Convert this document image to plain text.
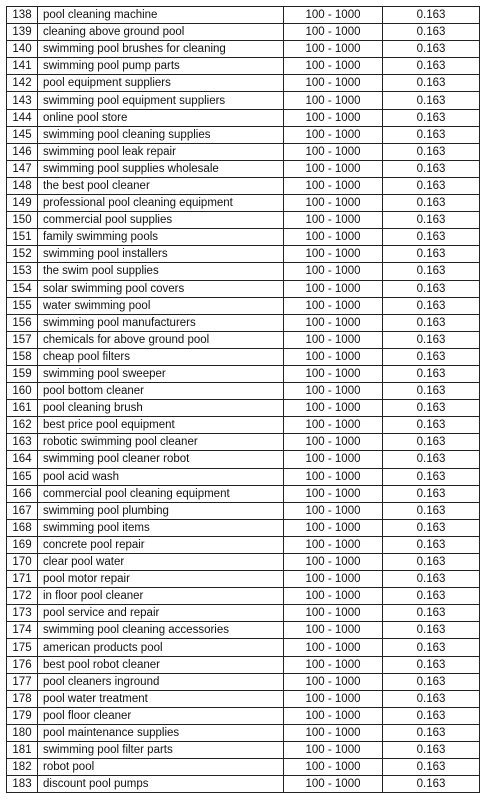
138	pool cleaning machine	100 - 1000	0.163
139	cleaning above ground pool	100 - 1000	0.163
140	swimming pool brushes for cleaning	100 - 1000	0.163
141	swimming pool pump parts	100 - 1000	0.163
142	pool equipment suppliers	100 - 1000	0.163
143	swimming pool equipment suppliers	100 - 1000	0.163
144	online pool store	100 - 1000	0.163
145	swimming pool cleaning supplies	100 - 1000	0.163
146	swimming pool leak repair	100 - 1000	0.163
147	swimming pool supplies wholesale	100 - 1000	0.163
148	the best pool cleaner	100 - 1000	0.163
149	professional pool cleaning equipment	100 - 1000	0.163
150	commercial pool supplies	100 - 1000	0.163
151	family swimming pools	100 - 1000	0.163
152	swimming pool installers	100 - 1000	0.163
153	the swim pool supplies	100 - 1000	0.163
154	solar swimming pool covers	100 - 1000	0.163
155	water swimming pool	100 - 1000	0.163
156	swimming pool manufacturers	100 - 1000	0.163
157	chemicals for above ground pool	100 - 1000	0.163
158	cheap pool filters	100 - 1000	0.163
159	swimming pool sweeper	100 - 1000	0.163
160	pool bottom cleaner	100 - 1000	0.163
161	pool cleaning brush	100 - 1000	0.163
162	best price pool equipment	100 - 1000	0.163
163	robotic swimming pool cleaner	100 - 1000	0.163
164	swimming pool cleaner robot	100 - 1000	0.163
165	pool acid wash	100 - 1000	0.163
166	commercial pool cleaning equipment	100 - 1000	0.163
167	swimming pool plumbing	100 - 1000	0.163
168	swimming pool items	100 - 1000	0.163
169	concrete pool repair	100 - 1000	0.163
170	clear pool water	100 - 1000	0.163
171	pool motor repair	100 - 1000	0.163
172	in floor pool cleaner	100 - 1000	0.163
173	pool service and repair	100 - 1000	0.163
174	swimming pool cleaning accessories	100 - 1000	0.163
175	american products pool	100 - 1000	0.163
176	best pool robot cleaner	100 - 1000	0.163
177	pool cleaners inground	100 - 1000	0.163
178	pool water treatment	100 - 1000	0.163
179	pool floor cleaner	100 - 1000	0.163
180	pool maintenance supplies	100 - 1000	0.163
181	swimming pool filter parts	100 - 1000	0.163
182	robot pool	100 - 1000	0.163
183	discount pool pumps	100 - 1000	0.163
